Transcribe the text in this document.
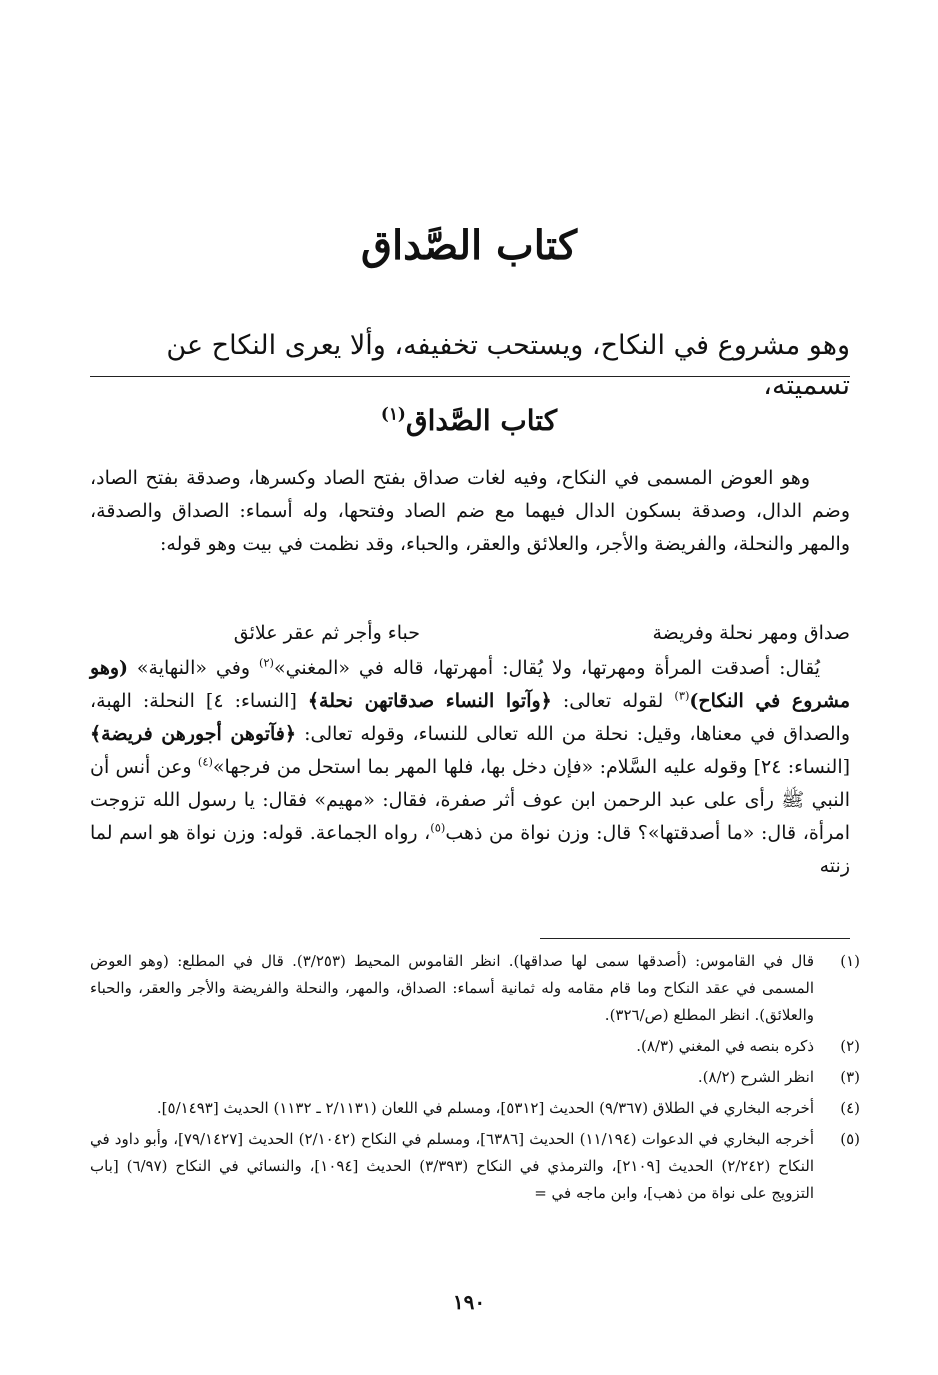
كتاب الصَّداق
وهو مشروع في النكاح، ويستحب تخفيفه، وألا يعرى النكاح عن تسميته،
كتاب الصَّداق$^{(١)}$
وهو العوض المسمى في النكاح، وفيه لغات صداق بفتح الصاد وكسرها، وصدقة بفتح الصاد، وضم الدال، وصدقة بسكون الدال فيهما مع ضم الصاد وفتحها، وله أسماء: الصداق والصدقة، والمهر والنحلة، والفريضة والأجر، والعلائق والعقر، والحباء، وقد نظمت في بيت وهو قوله:
صداق ومهر نحلة وفريضة
حباء وأجر ثم عقر علائق
يُقال: أصدقت المرأة ومهرتها، ولا يُقال: أمهرتها، قاله في «المغني»$^{(٢)}$ وفي «النهاية» (وهو مشروع في النكاح)$^{(٣)}$ لقوله تعالى: ﴿وآتوا النساء صدقاتهن نحلة﴾ [النساء: ٤] النحلة: الهبة، والصداق في معناها، وقيل: نحلة من الله تعالى للنساء، وقوله تعالى: ﴿فآتوهن أجورهن فريضة﴾ [النساء: ٢٤] وقوله عليه السَّلام: «فإن دخل بها، فلها المهر بما استحل من فرجها»$^{(٤)}$ وعن أنس أن النبي ﷺ رأى على عبد الرحمن ابن عوف أثر صفرة، فقال: «مهيم» فقال: يا رسول الله تزوجت امرأة، قال: «ما أصدقتها»؟ قال: وزن نواة من ذهب$^{(٥)}$، رواه الجماعة. قوله: وزن نواة هو اسم لما زنته
(١)
قال في القاموس: (أصدقها سمى لها صداقها). انظر القاموس المحيط (٣/٢٥٣). قال في المطلع: (وهو العوض المسمى في عقد النكاح وما قام مقامه وله ثمانية أسماء: الصداق، والمهر، والنحلة والفريضة والأجر والعقر، والحباء والعلائق). انظر المطلع (ص/٣٢٦).
(٢)
ذكره بنصه في المغني (٨/٣).
(٣)
انظر الشرح (٨/٢).
(٤)
أخرجه البخاري في الطلاق (٩/٣٦٧) الحديث [٥٣١٢]، ومسلم في اللعان (٢/١١٣١ ـ ١١٣٢) الحديث [٥/١٤٩٣].
(٥)
أخرجه البخاري في الدعوات (١١/١٩٤) الحديث [٦٣٨٦]، ومسلم في النكاح (٢/١٠٤٢) الحديث [٧٩/١٤٢٧]، وأبو داود في النكاح (٢/٢٤٢) الحديث [٢١٠٩]، والترمذي في النكاح (٣/٣٩٣) الحديث [١٠٩٤]، والنسائي في النكاح (٦/٩٧) [باب التزويج على نواة من ذهب]، وابن ماجه في =
١٩٠
